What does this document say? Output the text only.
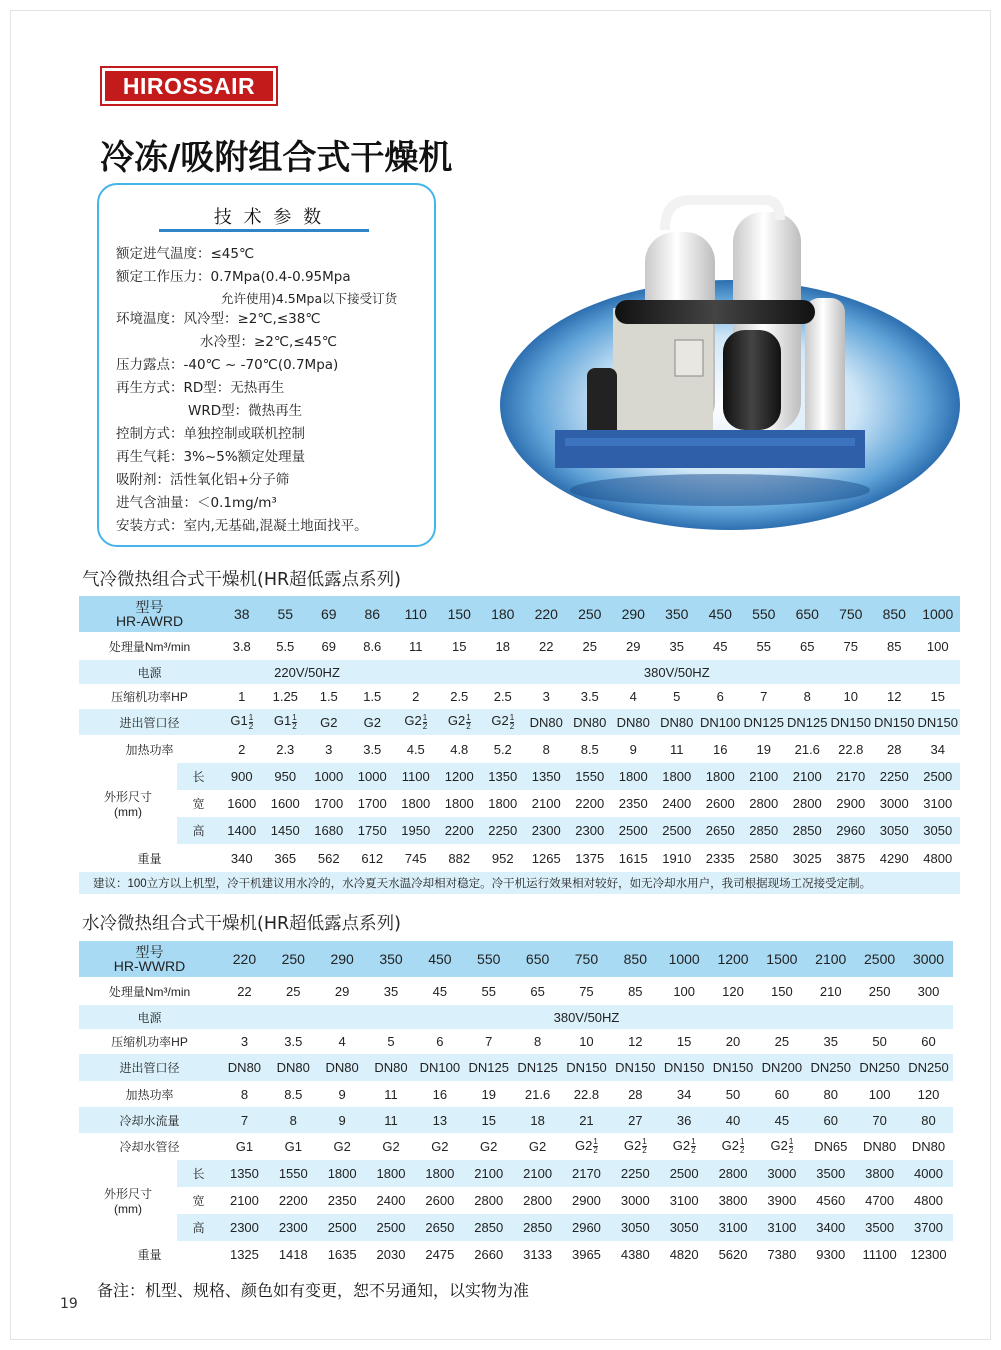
HIROSSAIR
冷冻/吸附组合式干燥机
技 术 参 数
额定进气温度：≤45℃
额定工作压力：0.7Mpa(0.4-0.95Mpa
允许使用)4.5Mpa以下接受订货
环境温度：风冷型：≥2℃,≤38℃
水冷型：≥2℃,≤45℃
压力露点：-40℃ ~ -70℃(0.7Mpa)
再生方式：RD型：无热再生
WRD型：微热再生
控制方式：单独控制或联机控制
再生气耗：3%~5%额定处理量
吸附剂：活性氧化铝+分子筛
进气含油量：＜0.1mg/m³
安装方式：室内,无基础,混凝土地面找平。
气冷微热组合式干燥机(HR超低露点系列)
型号
HR-AWRD		38	55	69	86	110	150	180	220	250	290	350	450	550	650	750	850	1000
处理量Nm³/min		3.8	5.5	69	8.6	11	15	18	22	25	29	35	45	55	65	75	85	100
电源		220V/50HZ				380V/50HZ												
压缩机功率HP		1	1.25	1.5	1.5	2	2.5	2.5	3	3.5	4	5	6	7	8	10	12	15
进出管口径		$G1 \frac{1}{2}$	$G1 \frac{1}{2}$	G2	G2	$G2 \frac{1}{2}$	$G2 \frac{1}{2}$	$G2 \frac{1}{2}$	DN80	DN80	DN80	DN80	DN100	DN125	DN125	DN150	DN150	DN150
加热功率		2	2.3	3	3.5	4.5	4.8	5.2	8	8.5	9	11	16	19	21.6	22.8	28	34

外形尺寸
(mm)	长	900	950	1000	1000	1100	1200	1350	1350	1550	1800	1800	1800	2100	2100	2170	2250	2500
	宽	1600	1600	1700	1700	1800	1800	1800	2100	2200	2350	2400	2600	2800	2800	2900	3000	3100
	高	1400	1450	1680	1750	1950	2200	2250	2300	2300	2500	2500	2650	2850	2850	2960	3050	3050
重量		340	365	562	612	745	882	952	1265	1375	1615	1910	2335	2580	3025	3875	4290	4800
建议：100立方以上机型，冷干机建议用水冷的，水冷夏天水温冷却相对稳定。冷干机运行效果相对较好，如无冷却水用户，我司根据现场工况接受定制。																		
水冷微热组合式干燥机(HR超低露点系列)
型号
HR-WWRD		220	250	290	350	450	550	650	750	850	1000	1200	1500	2100	2500	3000
处理量Nm³/min		22	25	29	35	45	55	65	75	85	100	120	150	210	250	300
电源		380V/50HZ														
压缩机功率HP		3	3.5	4	5	6	7	8	10	12	15	20	25	35	50	60
进出管口径		DN80	DN80	DN80	DN80	DN100	DN125	DN125	DN150	DN150	DN150	DN150	DN200	DN250	DN250	DN250
加热功率		8	8.5	9	11	16	19	21.6	22.8	28	34	50	60	80	100	120
冷却水流量		7	8	9	11	13	15	18	21	27	36	40	45	60	70	80
冷却水管径		G1	G1	G2	G2	G2	G2	G2	$G2 \frac{1}{2}$	$G2 \frac{1}{2}$	$G2 \frac{1}{2}$	$G2 \frac{1}{2}$	$G2 \frac{1}{2}$	DN65	DN80	DN80

外形尺寸
(mm)	长	1350	1550	1800	1800	1800	2100	2100	2170	2250	2500	2800	3000	3500	3800	4000
	宽	2100	2200	2350	2400	2600	2800	2800	2900	3000	3100	3800	3900	4560	4700	4800
	高	2300	2300	2500	2500	2650	2850	2850	2960	3050	3050	3100	3100	3400	3500	3700
重量		1325	1418	1635	2030	2475	2660	3133	3965	4380	4820	5620	7380	9300	11100	12300
备注：机型、规格、颜色如有变更，恕不另通知，以实物为准
19
